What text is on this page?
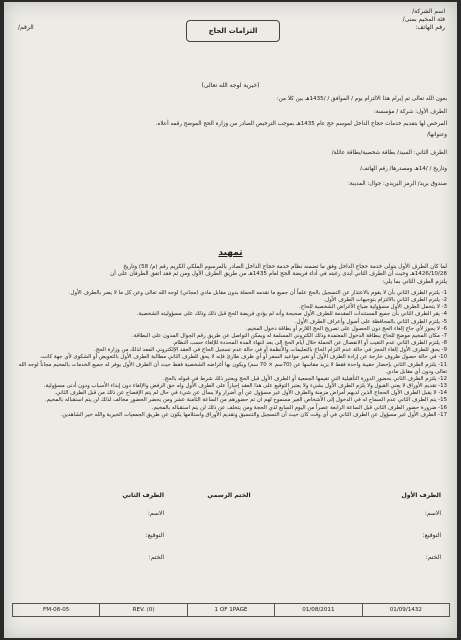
اسم الشركة/
فئة المخيم بمنى/
رقم الهاتف:
التزامات الحاج
الرقم/
(خيرية لوجه الله تعالى)
بعون الله تعالى تم إبرام هذا الالتزام يوم / الموافق / /1435هـ بين كلا من:
الطرف الأول: شركة / مؤسسة:
المرخص لها بتقديم خدمات حجاج الداخل لموسم حج عام 1435هـ بموجب الترخيص الصادر من وزارة الحج الموضح رقمه أعلاه.
وعنوانها/
الطرف الثاني: السيد/ بطاقة شخصية/بطاقة عائلة/
وتاريخ / /14هـ ومصدرها/ رقم الهاتف/
صندوق بريد/ الرمز البريدي: جوال: المدينة:
تمهيد
لما كان الطرف الأول يتولى خدمة حجاج الداخل وفق ما تضمنه نظام خدمة حجاج الداخل الصادر بالمرسوم الملكي الكريم رقم (م/ 58) وتاريخ
1426/10/28هـ وحيث أن الطرف الثاني أبدى رغبته في أداء فريضة الحج لعام 1435هـ من طريق الطرف الأول ومن ثم فقد اتفق الطرفان على أن
يلتزم الطرف الثاني بما يلي:
1- يلتزم الطرف الثاني بأن لا يقوم بالاعتذار عن التسجيل بالحج علماً أن جميع ما تقدمه الحملة بدون مقابل مادي (مجاني) لوجه الله تعالى وعن كل ما لا يضر بالطرف الأول.
2- يلتزم الطرف الثاني بالالتزام بتوجيهات الطرف الأول.
3- لا يتحمل الطرف الأول مسؤولية ضياع الأغراض الشخصية للحاج.
4- يقر الطرف الثاني بأن جميع المستندات المقدمة للطرف الأول صحيحة وأنه لم يؤدي فريضة الحج قبل ذلك وذلك على مسؤوليته الشخصية.
5- يلتزم الطرف الثاني بالمحافظة على أصول وأعراف الطرف الأول.
6- لا يجوز لأي حاج إلغاء الحج دون الحصول على تصريح الحج اللازم أو بطاقة دخول المخيم.
7- مكان المخيم موضح للحاج ببطاقة الدخول المعتمدة وذلك الكتروني المسلمة له ويمكن التواصل عن طريق رقم الجوال المدون على البطاقة.
8- يلتزم الطرف الثاني عدم التغيب أو الانفصال عن الحملة خلال أيام الحج إلى بعد انتهاء المدة المحددة للإلغاء حسب النظام.
9- يحق للطرف الأول إلغاء الحجز في حالة عدم التزام الحاج بالتعليمات والأنظمة أو في حالة عدم تسجيل الحاج في العقد الإلكتروني المعد لذلك من وزارة الحج.
10- في حالة حصول ظروف خارجة عن إرادة الطرف الأول أو تغير مواعيد السفر أو أي ظرف طارئ فإنه لا يحق للطرف الثاني مطالبة الطرف الأول بالتعويض أو الشكوى لأي جهة كانت.
11- يلتزم الطرف الثاني بإحضار حقيبة واحدة فقط لا يزيد مقاسها عن (70سم × 70 سم) ويكون بها أغراضه الشخصية فقط حيث أن الطرف الأول يوفر له جميع الخدمات بالمخيم مجاناً لوجه الله تعالى ودون أي مقابل مادي.
12- يلتزم الطرف الثاني بحضور الدورة التأهيلية التي تقيمها الجمعية أو الطرف الأول قبل الحج ويعتبر ذلك شرط في قبوله بالحج.
13- تقديم الأوراق لا يعني القبول ولا يلزم الطرف الأول بشيء ولا يعتبر التوقيع على هذا العقد إجباراً على الطرف الأول وله حق الرفض والإلغاء دون إبداء الأسباب ودون أدنى مسؤولية.
14- لا يقبل الطرف الأول الحجاج الذين لديهم أمراض مزمنة والطرف الأول غير مسؤول عن أي أضرار ولا يسأل عن شيء في حال لم يتم الإفصاح عن ذلك من قبل الطرف الثاني.
15- يتم الطرف الثاني عدم السماح له في الدخول إلى الأشخاص الغير مسموح لهم ان تم حضورهم من الساعة الثامنة عشر ومن يحضر الحضور مخالف لذلك لن يتم استقباله بالمخيم.
16- ضرورة حضور الطرف الثاني قبل الساعة الرابعة عصراً من اليوم السابع لذي الحجة ومن يتخلف عن ذلك لن يتم استقباله بالمخيم.
17- الطرف الأول غير مسؤول عن الطرف الثاني في أي وقت كان حيث أن التسجيل والتنسيق وتقديم الأوراق واستلامها يكون عن طريق الجمعيات الخيرية والله خير الشاهدين.
الطرف الأول
الاسم:
التوقيع:
الختم:
الختم الرسمي
الطرف الثاني
الاسم:
التوقيع:
الختم:
FM-08-05	REV. (0)	1 OF 1PAGE	01/08/2011	01/09/1432
